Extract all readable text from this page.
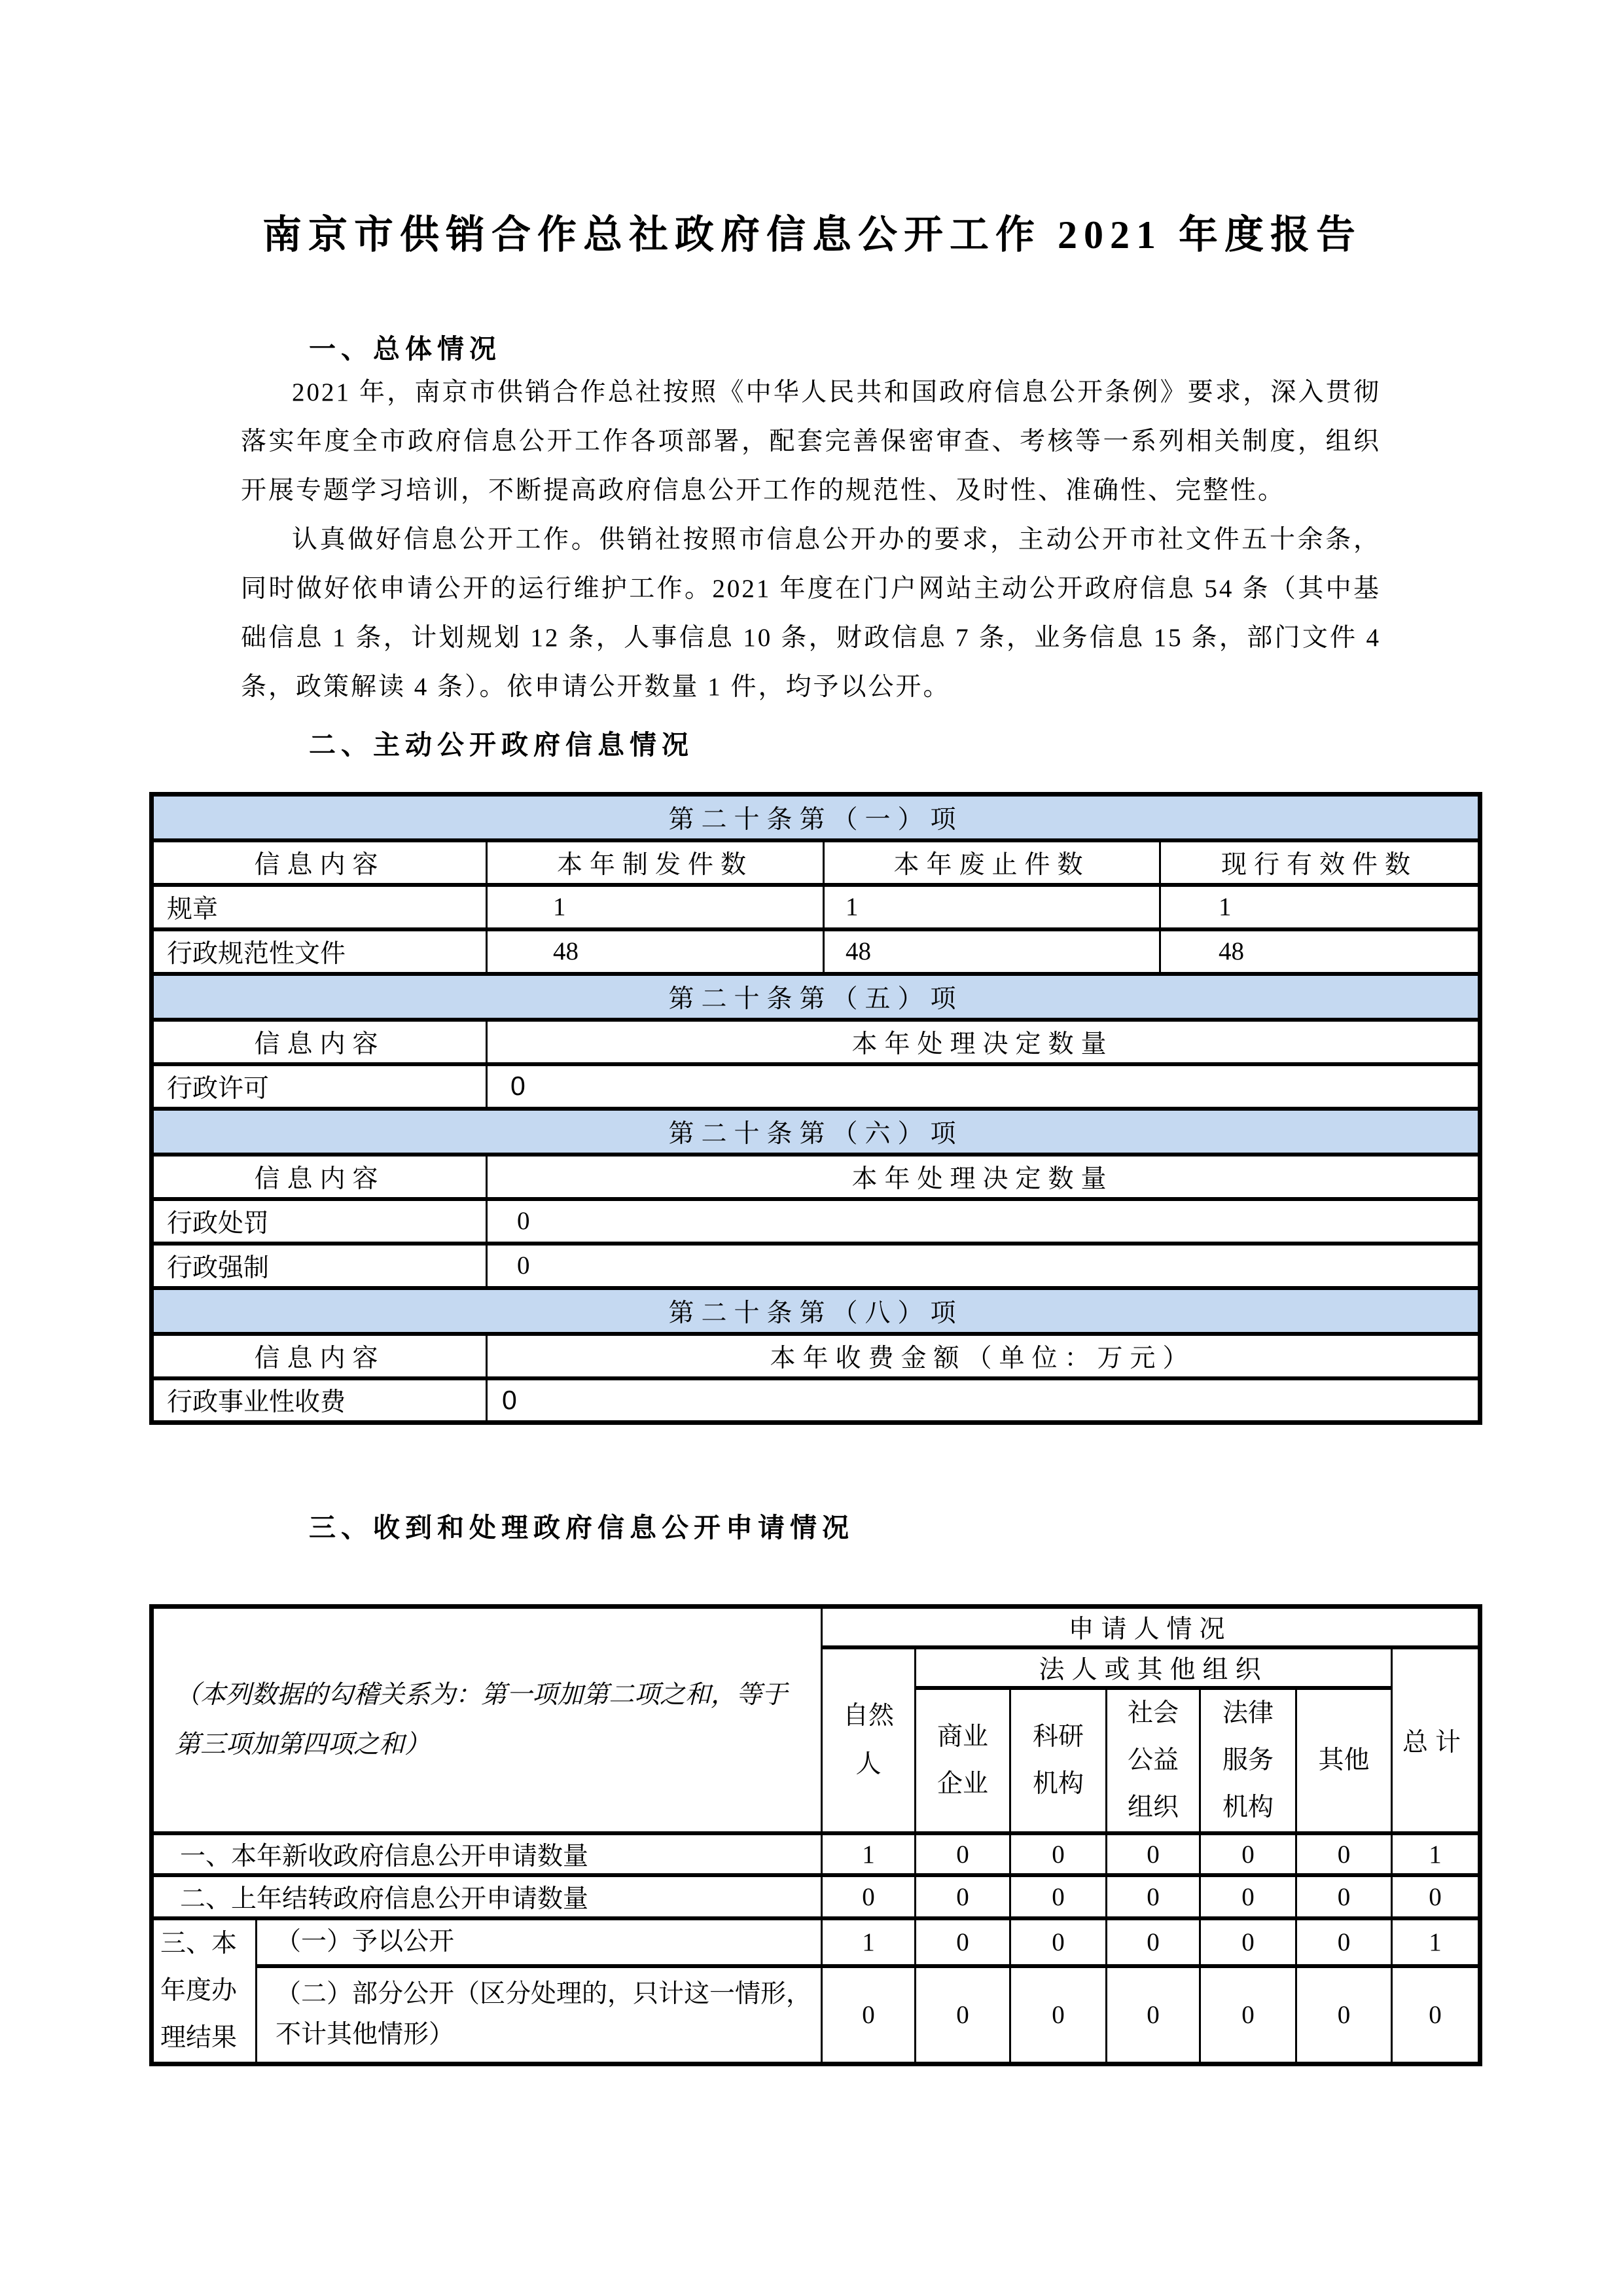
南京市供销合作总社政府信息公开工作 2021 年度报告
一、总体情况

2021 年，南京市供销合作总社按照《中华人民共和国政府信息公开条例》要求，深入贯彻落实年度全市政府信息公开工作各项部署，配套完善保密审查、考核等一系列相关制度，组织开展专题学习培训，不断提高政府信息公开工作的规范性、及时性、准确性、完整性。

认真做好信息公开工作。供销社按照市信息公开办的要求，主动公开市社文件五十余条，同时做好依申请公开的运行维护工作。2021 年度在门户网站主动公开政府信息 54 条（其中基础信息 1 条，计划规划 12 条，人事信息 10 条，财政信息 7 条，业务信息 15 条，部门文件 4 条，政策解读 4 条）。依申请公开数量 1 件，均予以公开。

二、主动公开政府信息情况
第二十条第（一）项			
信息内容	本年制发件数	本年废止件数	现行有效件数
规章	1	1	1
行政规范性文件	48	48	48
第二十条第（五）项			
信息内容	本年处理决定数量		
行政许可	0		
第二十条第（六）项			
信息内容	本年处理决定数量		
行政处罚	0		
行政强制	0		
第二十条第（八）项			
信息内容	本年收费金额（单位：万元）		
行政事业性收费	0		
三、收到和处理政府信息公开申请情况
（本列数据的勾稽关系为：第一项加第二项之和，等于第三项加第四项之和）		申请人情况						
		自然人	法人或其他组织					总计
			商业企业	科研机构	社会公益组织	法律服务机构	其他	
一、本年新收政府信息公开申请数量		1	0	0	0	0	0	1
二、上年结转政府信息公开申请数量		0	0	0	0	0	0	0
三、本年度办理结果	（一）予以公开	1	0	0	0	0	0	1
	（二）部分公开（区分处理的，只计这一情形，不计其他情形）	0	0	0	0	0	0	0
